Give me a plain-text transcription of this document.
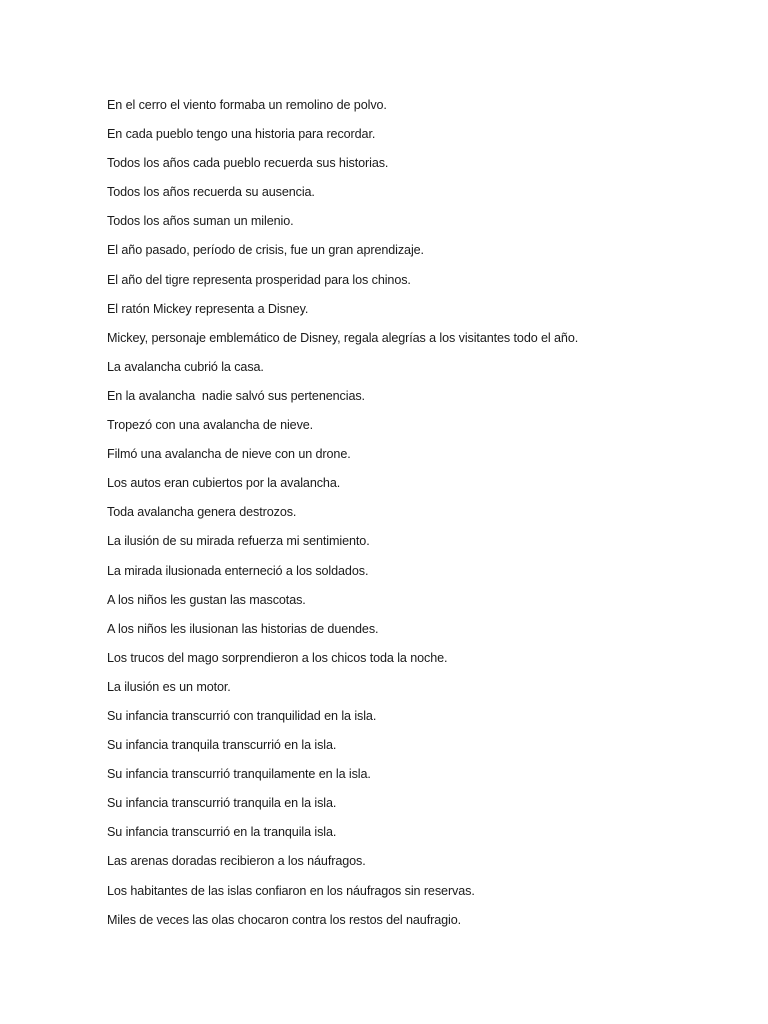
En el cerro el viento formaba un remolino de polvo.
En cada pueblo tengo una historia para recordar.
Todos los años cada pueblo recuerda sus historias.
Todos los años recuerda su ausencia.
Todos los años suman un milenio.
El año pasado, período de crisis, fue un gran aprendizaje.
El año del tigre representa prosperidad para los chinos.
El ratón Mickey representa a Disney.
Mickey, personaje emblemático de Disney, regala alegrías a los visitantes todo el año.
La avalancha cubrió la casa.
En la avalancha  nadie salvó sus pertenencias.
Tropezó con una avalancha de nieve.
Filmó una avalancha de nieve con un drone.
Los autos eran cubiertos por la avalancha.
Toda avalancha genera destrozos.
La ilusión de su mirada refuerza mi sentimiento.
La mirada ilusionada enterneció a los soldados.
A los niños les gustan las mascotas.
A los niños les ilusionan las historias de duendes.
Los trucos del mago sorprendieron a los chicos toda la noche.
La ilusión es un motor.
Su infancia transcurrió con tranquilidad en la isla.
Su infancia tranquila transcurrió en la isla.
Su infancia transcurrió tranquilamente en la isla.
Su infancia transcurrió tranquila en la isla.
Su infancia transcurrió en la tranquila isla.
Las arenas doradas recibieron a los náufragos.
Los habitantes de las islas confiaron en los náufragos sin reservas.
Miles de veces las olas chocaron contra los restos del naufragio.
